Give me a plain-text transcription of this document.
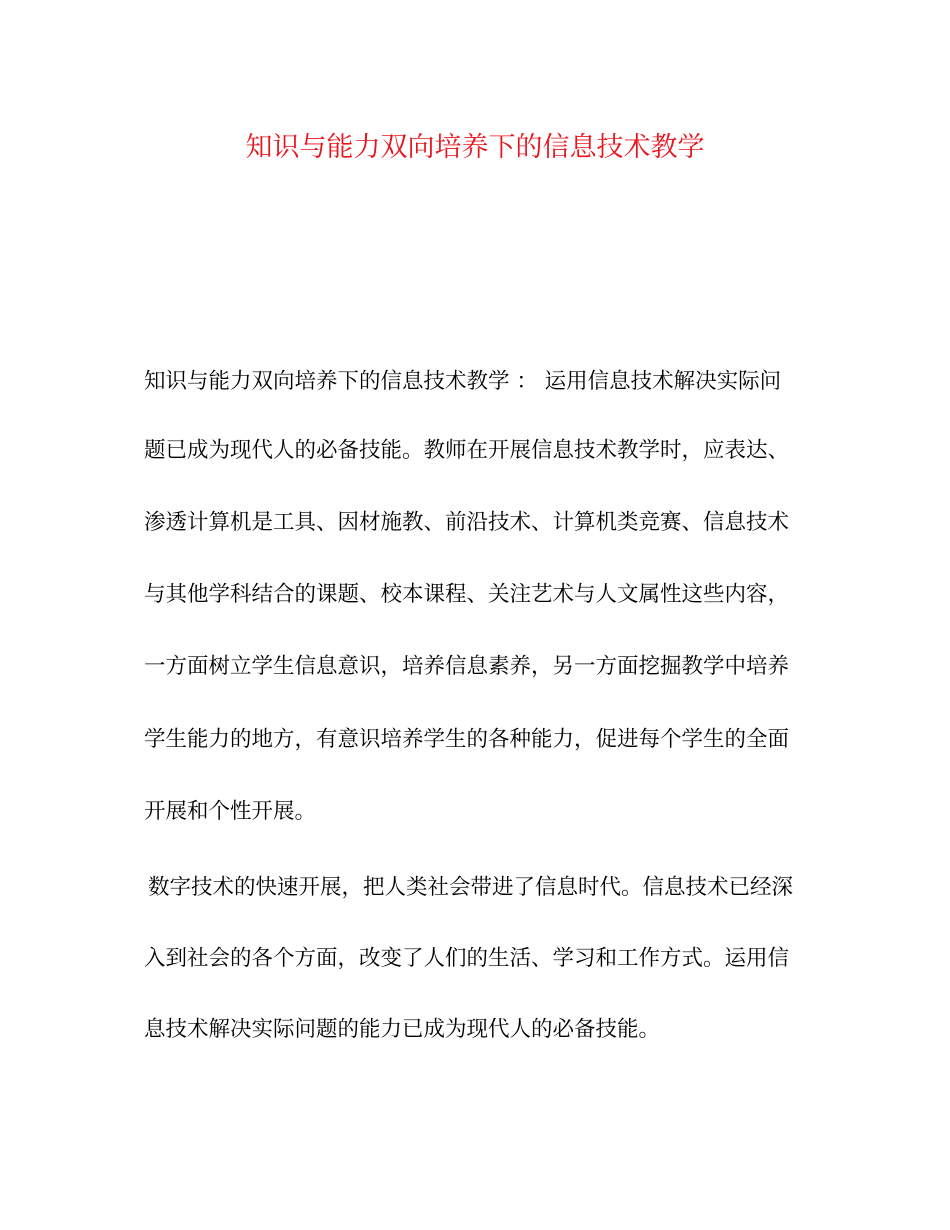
知识与能力双向培养下的信息技术教学

知识与能力双向培养下的信息技术教学 ： 运用信息技术解决实际问

题已成为现代人的必备技能。教师在开展信息技术教学时，应表达、

渗透计算机是工具、因材施教、前沿技术、计算机类竞赛、信息技术

与其他学科结合的课题、校本课程、关注艺术与人文属性这些内容，

一方面树立学生信息意识，培养信息素养，另一方面挖掘教学中培养

学生能力的地方，有意识培养学生的各种能力，促进每个学生的全面

开展和个性开展。

数字技术的快速开展，把人类社会带进了信息时代。信息技术已经深

入到社会的各个方面，改变了人们的生活、学习和工作方式。运用信

息技术解决实际问题的能力已成为现代人的必备技能。
